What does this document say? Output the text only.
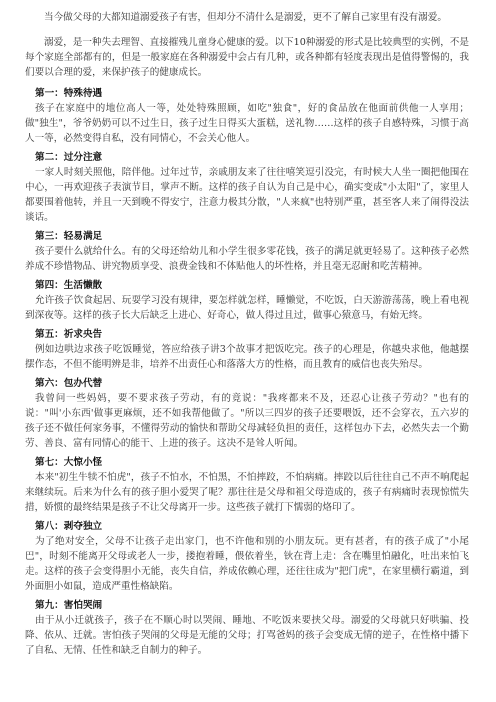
当今做父母的大都知道溺爱孩子有害，但却分不清什么是溺爱，更不了解自己家里有没有溺爱。

溺爱，是一种失去理智、直接摧残儿童身心健康的爱。以下10种溺爱的形式是比较典型的实例，不是每个家庭全部都有的，但是一般家庭在各种溺爱中会占有几种，或各种都有轻度表现出是值得警惕的，我们要以合理的爱，来保护孩子的健康成长。

第一：特殊待遇

孩子在家庭中的地位高人一等，处处特殊照顾，如吃"独食"，好的食品放在他面前供他一人享用；做"独生"，爷爷奶奶可以不过生日，孩子过生日得买大蛋糕，送礼物……这样的孩子自感特殊，习惯于高人一等，必然变得自私，没有同情心，不会关心他人。

第二：过分注意

一家人时刻关照他，陪伴他。过年过节，亲戚朋友来了往往嘻笑逗引没完，有时候大人坐一圈把他围在中心，一再欢迎孩子表演节目，掌声不断。这样的孩子自认为自己是中心，确实变成"小太阳"了，家里人都要围着他转，并且一天到晚不得安宁，注意力极其分散，"人来疯"也特别严重，甚至客人来了闹得没法谈话。

第三：轻易满足

孩子要什么就给什么。有的父母还给幼儿和小学生很多零花钱，孩子的满足就更轻易了。这种孩子必然养成不珍惜物品、讲究物质享受、浪费金钱和不体贴他人的坏性格，并且毫无忍耐和吃苦精神。

第四：生活懒散

允许孩子饮食起居、玩耍学习没有规律，要怎样就怎样，睡懒觉，不吃饭，白天游游荡荡，晚上看电视到深夜等。这样的孩子长大后缺乏上进心、好奇心，做人得过且过，做事心猿意马，有始无终。

第五：祈求央告

例如边哄边求孩子吃饭睡觉，答应给孩子讲3个故事才把饭吃完。孩子的心理是，你越央求他，他越摆摆作态，不但不能明辨是非，培养不出责任心和落落大方的性格，而且教育的威信也丧失殆尽。

第六：包办代替

我曾问一些妈妈，要不要求孩子劳动，有的竟说："我疼都来不及，还忍心让孩子劳动？"也有的说："叫'小东西'做事更麻烦，还不如我帮他做了。"所以三四岁的孩子还要喂饭，还不会穿衣，五六岁的孩子还不做任何家务事，不懂得劳动的愉快和帮助父母减轻负担的责任，这样包办下去，必然失去一个勤劳、善良、富有同情心的能干、上进的孩子。这决不是耸人听闻。

第七：大惊小怪

本来"初生牛犊不怕虎"，孩子不怕水，不怕黑，不怕摔跤，不怕病痛。摔跤以后往往自己不声不响爬起来继续玩。后来为什么有的孩子胆小爱哭了呢？那往往是父母和祖父母造成的，孩子有病痛时表现惊慌失措，娇惯的最终结果是孩子不让父母离开一步。这些孩子就打下懦弱的烙印了。

第八：剥夺独立

为了绝对安全，父母不让孩子走出家门，也不许他和别的小朋友玩。更有甚者，有的孩子成了"小尾巴"，时刻不能离开父母或老人一步，搂抱着睡，偎依着坐，钬在背上走：含在嘴里怕融化，吐出来怕飞走。这样的孩子会变得胆小无能，丧失自信，养成依赖心理，还往往成为"把门虎"，在家里横行霸道，到外面胆小如鼠，造成严重性格缺陷。

第九：害怕哭闹

由于从小迁就孩子，孩子在不顺心时以哭闹、睡地、不吃饭来要挟父母。溺爱的父母就只好哄骗、投降、依从、迁就。害怕孩子哭闹的父母是无能的父母；打骂爸妈的孩子会变成无情的逆子，在性格中播下了自私、无情、任性和缺乏自制力的种子。
